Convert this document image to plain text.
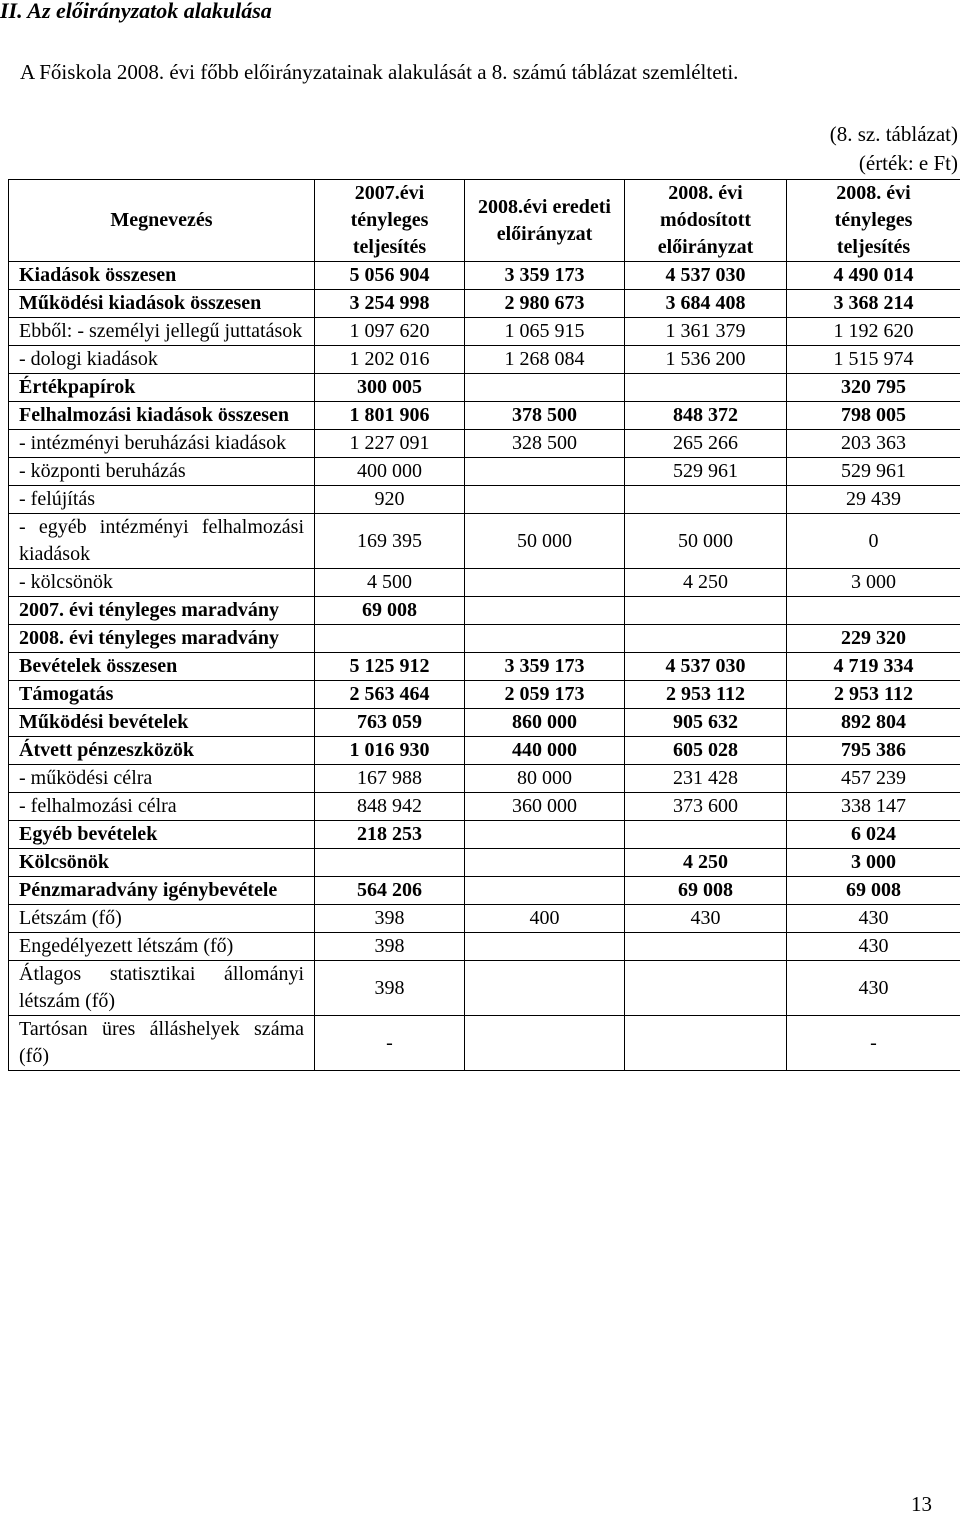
II. Az előirányzatok alakulása
A Főiskola 2008. évi főbb előirányzatainak alakulását a 8. számú táblázat szemlélteti.
(8. sz. táblázat)
(érték: e Ft)
Megnevezés	2007.évi tényleges teljesítés	2008.évi eredeti előirányzat	2008. évi módosított előirányzat	2008. évi tényleges teljesítés
Kiadások összesen	5 056 904	3 359 173	4 537 030	4 490 014
Működési kiadások összesen	3 254 998	2 980 673	3 684 408	3 368 214
Ebből: - személyi jellegű juttatások	1 097 620	1 065 915	1 361 379	1 192 620
- dologi kiadások	1 202 016	1 268 084	1 536 200	1 515 974
Értékpapírok	300 005			320 795
Felhalmozási kiadások összesen	1 801 906	378 500	848 372	798 005
- intézményi beruházási kiadások	1 227 091	328 500	265 266	203 363
- központi beruházás	400 000		529 961	529 961
- felújítás	920			29 439
- egyéb intézményi felhalmozási kiadások	169 395	50 000	50 000	0
- kölcsönök	4 500		4 250	3 000
2007. évi tényleges maradvány	69 008			
2008. évi tényleges maradvány				229 320
Bevételek összesen	5 125 912	3 359 173	4 537 030	4 719 334
Támogatás	2 563 464	2 059 173	2 953 112	2 953 112
Működési bevételek	763 059	860 000	905 632	892 804
Átvett pénzeszközök	1 016 930	440 000	605 028	795 386
- működési célra	167 988	80 000	231 428	457 239
- felhalmozási célra	848 942	360 000	373 600	338 147
Egyéb bevételek	218 253			6 024
Kölcsönök			4 250	3 000
Pénzmaradvány igénybevétele	564 206		69 008	69 008
Létszám (fő)	398	400	430	430
Engedélyezett létszám (fő)	398			430
Átlagos statisztikai állományi létszám (fő)	398			430
Tartósan üres álláshelyek száma (fő)	-			-
13
